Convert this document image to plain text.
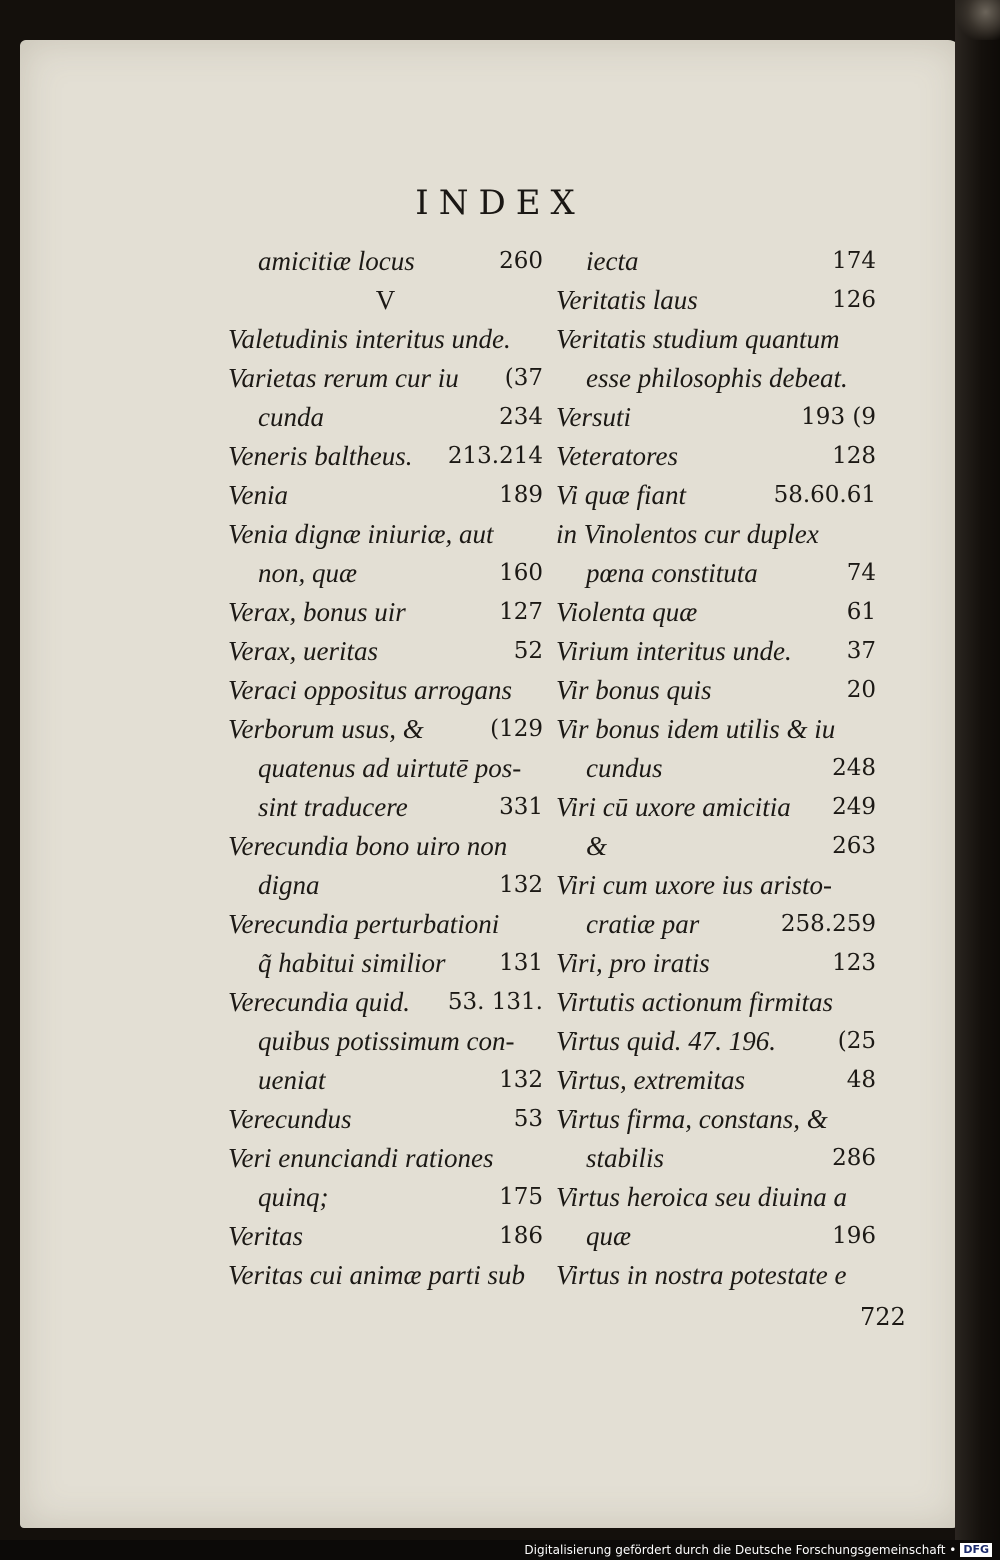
INDEX
amicitiæ locus	260
V
Valetudinis interitus unde.
Varietas rerum cur iu (37
cunda	234
Veneris baltheus. 213.214
Venia	189
Venia dignæ iniuriæ, aut
non, quæ	160
Verax, bonus uir	127
Verax, ueritas	52
Veraci oppositus arrogans
Verborum usus, &	(129
quatenus ad uirtutē pos-
sint traducere	331
Verecundia bono uiro non
digna	132
Verecundia perturbationi
q̃ habitui similior 131
Verecundia quid. 53. 131.
quibus potissimum con-
ueniat	132
Verecundus	53
Veri enunciandi rationes
quinq;	175
Veritas	186
Veritas cui animæ parti sub
iecta	174
Veritatis laus	126
Veritatis studium quantum
esse philosophis debeat.
Versuti	193 (9
Veteratores	128
Vi quæ fiant	58.60.61
in Vinolentos cur duplex
pœna constituta	74
Violenta quæ	61
Virium interitus unde. 37
Vir bonus quis	20
Vir bonus idem utilis & iu
cundus	248
Viri cū uxore amicitia 249
&	263
Viri cum uxore ius aristo-
cratiæ par	258.259
Viri, pro iratis	123
Virtutis actionum firmitas
Virtus quid. 47. 196.	(25
Virtus, extremitas	48
Virtus firma, constans, &
stabilis	286
Virtus heroica seu diuina a
quæ	196
Virtus in nostra potestate e
722
Digitalisierung gefördert durch die Deutsche Forschungsgemeinschaft • DFG
